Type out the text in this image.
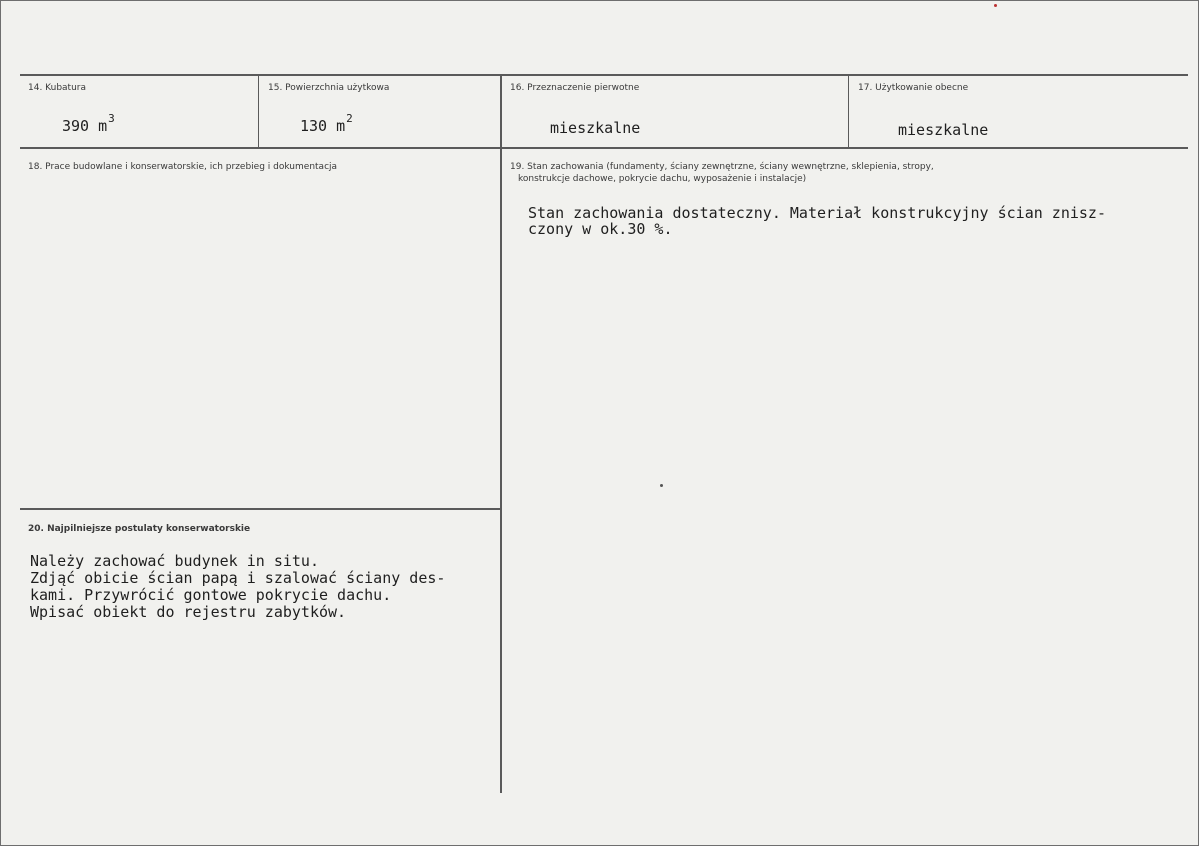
14. Kubatura
390 $m^3$
15. Powierzchnia użytkowa
130 $m^2$
16. Przeznaczenie pierwotne
mieszkalne
17. Użytkowanie obecne
mieszkalne
18. Prace budowlane i konserwatorskie, ich przebieg i dokumentacja	19. Stan zachowania (fundamenty, ściany zewnętrzne, ściany wewnętrzne, sklepienia, stropy,
konstrukcje dachowe, pokrycie dachu, wyposażenie i instalacje)
Stan zachowania dostateczny. Materiał konstrukcyjny ścian znisz-
czony w ok.30 %.
20. Najpilniejsze postulaty konserwatorskie
Należy zachować budynek in situ.
Zdjąć obicie ścian papą i szalować ściany des-
kami. Przywrócić gontowe pokrycie dachu.
Wpisać obiekt do rejestru zabytków.
